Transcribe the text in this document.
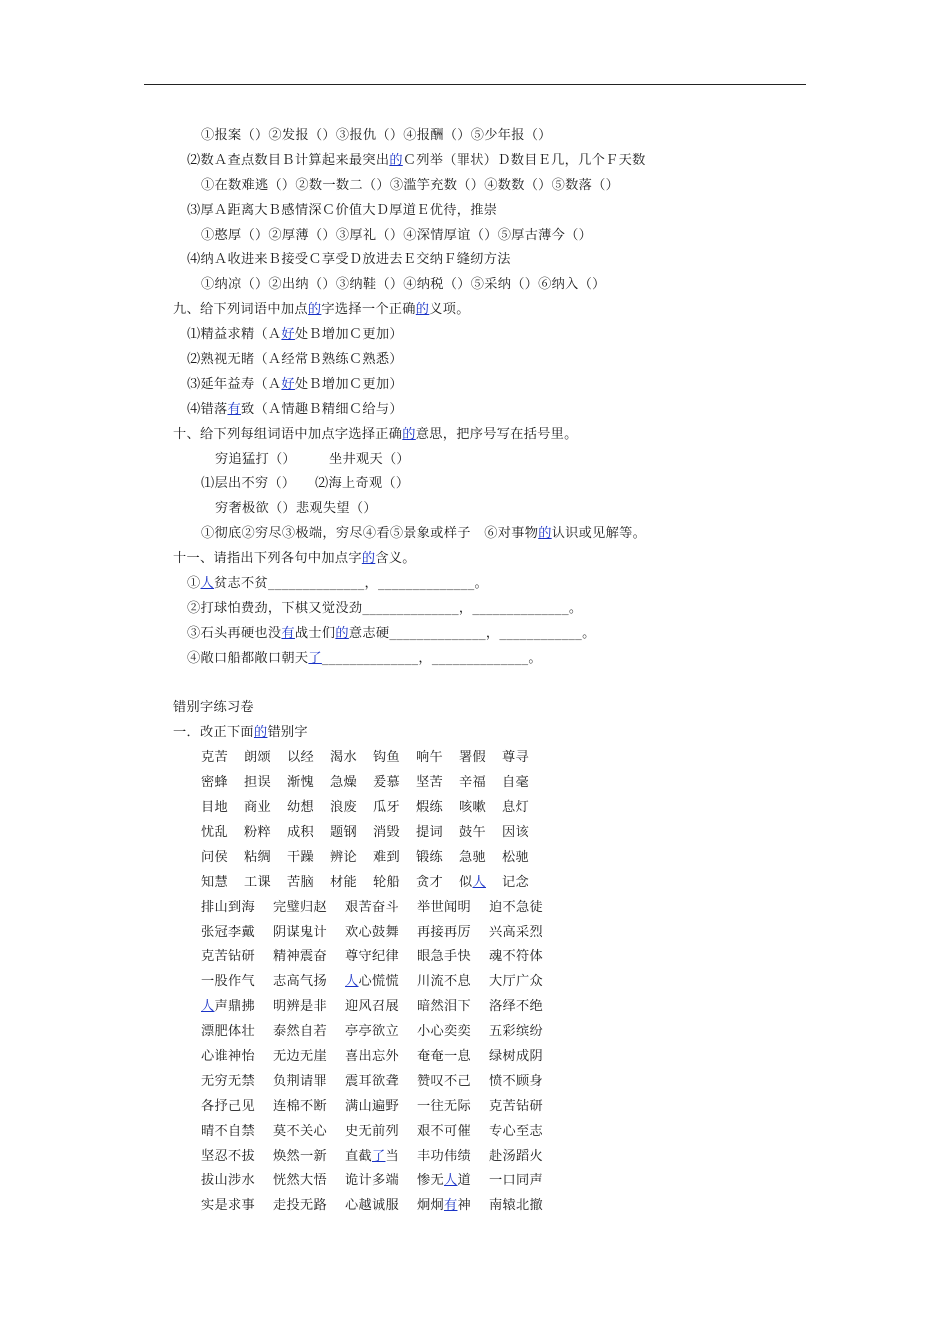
①报案（）②发报（）③报仇（）④报酬（）⑤少年报（）
⑵数Ａ查点数目Ｂ计算起来最突出的Ｃ列举（罪状）Ｄ数目Ｅ几，几个Ｆ天数
①在数难逃（）②数一数二（）③滥竽充数（）④数数（）⑤数落（）
⑶厚Ａ距离大Ｂ感情深Ｃ价值大Ｄ厚道Ｅ优待，推崇
①憨厚（）②厚薄（）③厚礼（）④深情厚谊（）⑤厚古薄今（）
⑷纳Ａ收进来Ｂ接受Ｃ享受Ｄ放进去Ｅ交纳Ｆ缝纫方法
①纳凉（）②出纳（）③纳鞋（）④纳税（）⑤采纳（）⑥纳入（）
九、给下列词语中加点的字选择一个正确的义项。
⑴精益求精（Ａ好处Ｂ增加Ｃ更加）
⑵熟视无睹（Ａ经常Ｂ熟练Ｃ熟悉）
⑶延年益寿（Ａ好处Ｂ增加Ｃ更加）
⑷错落有致（Ａ情趣Ｂ精细Ｃ给与）
十、给下列每组词语中加点字选择正确的意思，把序号写在括号里。
穷追猛打（）	坐井观天（）
⑴层出不穷（） ⑵海上奇观（）
穷奢极欲（）悲观失望（）
①彻底②穷尽③极端，穷尽④看⑤景象或样子　⑥对事物的认识或见解等。
十一、请指出下列各句中加点字的含义。
①人贫志不贫______________，______________。
②打球怕费劲，下棋又觉没劲______________，______________。
③石头再硬也没有战士们的意志硬______________，____________。
④敞口船都敞口朝天了______________，______________。
错别字练习卷
一．改正下面的错别字
克苦 朗颂 以经 渴水 钩鱼 响午 署假 尊寻
密蜂 担误 渐愧 急燥 爰慕 坚苦 辛福 自毫
目地 商业 幼想 浪废 瓜牙 煆练 咳嗽 息灯
忧乱 粉粹 成积 题钢 消毁 提词 鼓午 因该
问侯 粘绸 干躁 辨论 难到 锻练 急驰 松驰
知慧 工课 苦脑 材能 轮船 贪才 似人 记念
排山到海 完璧归赵 艰苦奋斗 举世闻明 迫不急徒
张冠李戴 阴谋鬼计 欢心鼓舞 再接再厉 兴高采烈
克苦钻研 精神震奋 尊守纪律 眼急手快 魂不符体
一股作气 志高气扬 人心慌慌 川流不息 大厅广众
人声鼎拂 明辨是非 迎风召展 暗然泪下 洛绎不绝
漂肥体壮 泰然自若 亭亭欲立 小心奕奕 五彩缤纷
心谁神怡 无边无崖 喜出忘外 奄奄一息 绿树成阴
无穷无禁 负荆请罪 震耳欲聋 赞叹不己 愤不顾身
各抒己见 连棉不断 满山遍野 一往无际 克苦钻研
晴不自禁 莫不关心 史无前列 艰不可催 专心至志
坚忍不拔 焕然一新 直截了当 丰功伟绩 赴汤蹈火
拔山涉水 恍然大悟 诡计多端 惨无人道 一口同声
实是求事 走投无路 心越诚服 炯炯有神 南辕北撤
